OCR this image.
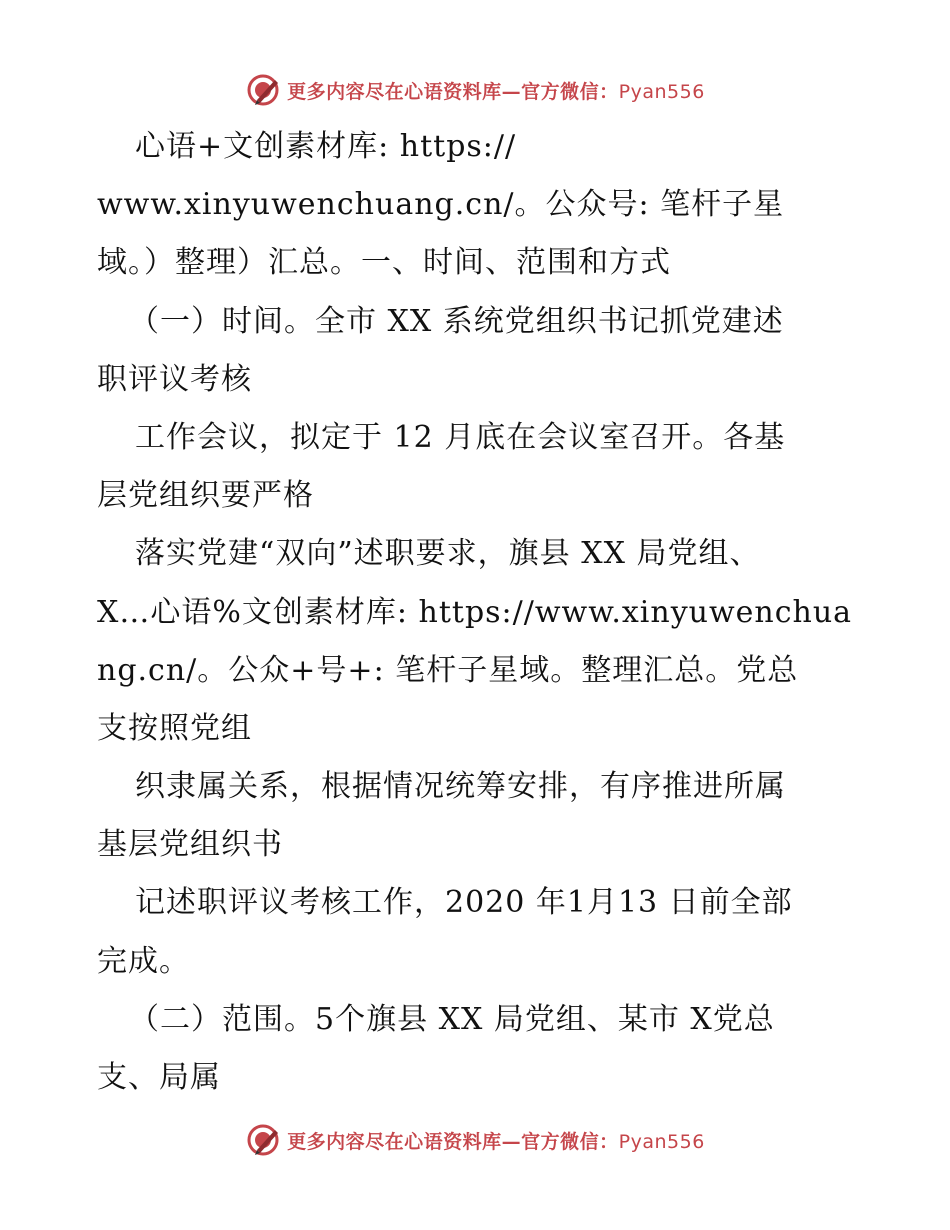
更多内容尽在心语资料库—官方微信：Pyan556
心语+文创素材库: https://
www.xinyuwenchuang.cn/。公众号: 笔杆子星
域。）整理）汇总。一、时间、范围和方式
（一）时间。全市 XX 系统党组织书记抓党建述
职评议考核
工作会议，拟定于 12 月底在会议室召开。各基
层党组织要严格
落实党建“双向”述职要求，旗县 XX 局党组、
X…心语%文创素材库: https://www.xinyuwenchua
ng.cn/。公众+号+: 笔杆子星域。整理汇总。党总
支按照党组
织隶属关系，根据情况统筹安排，有序推进所属
基层党组织书
记述职评议考核工作，2020 年1月13 日前全部
完成。
（二）范围。5个旗县 XX 局党组、某市 X党总
支、局属
更多内容尽在心语资料库—官方微信：Pyan556
